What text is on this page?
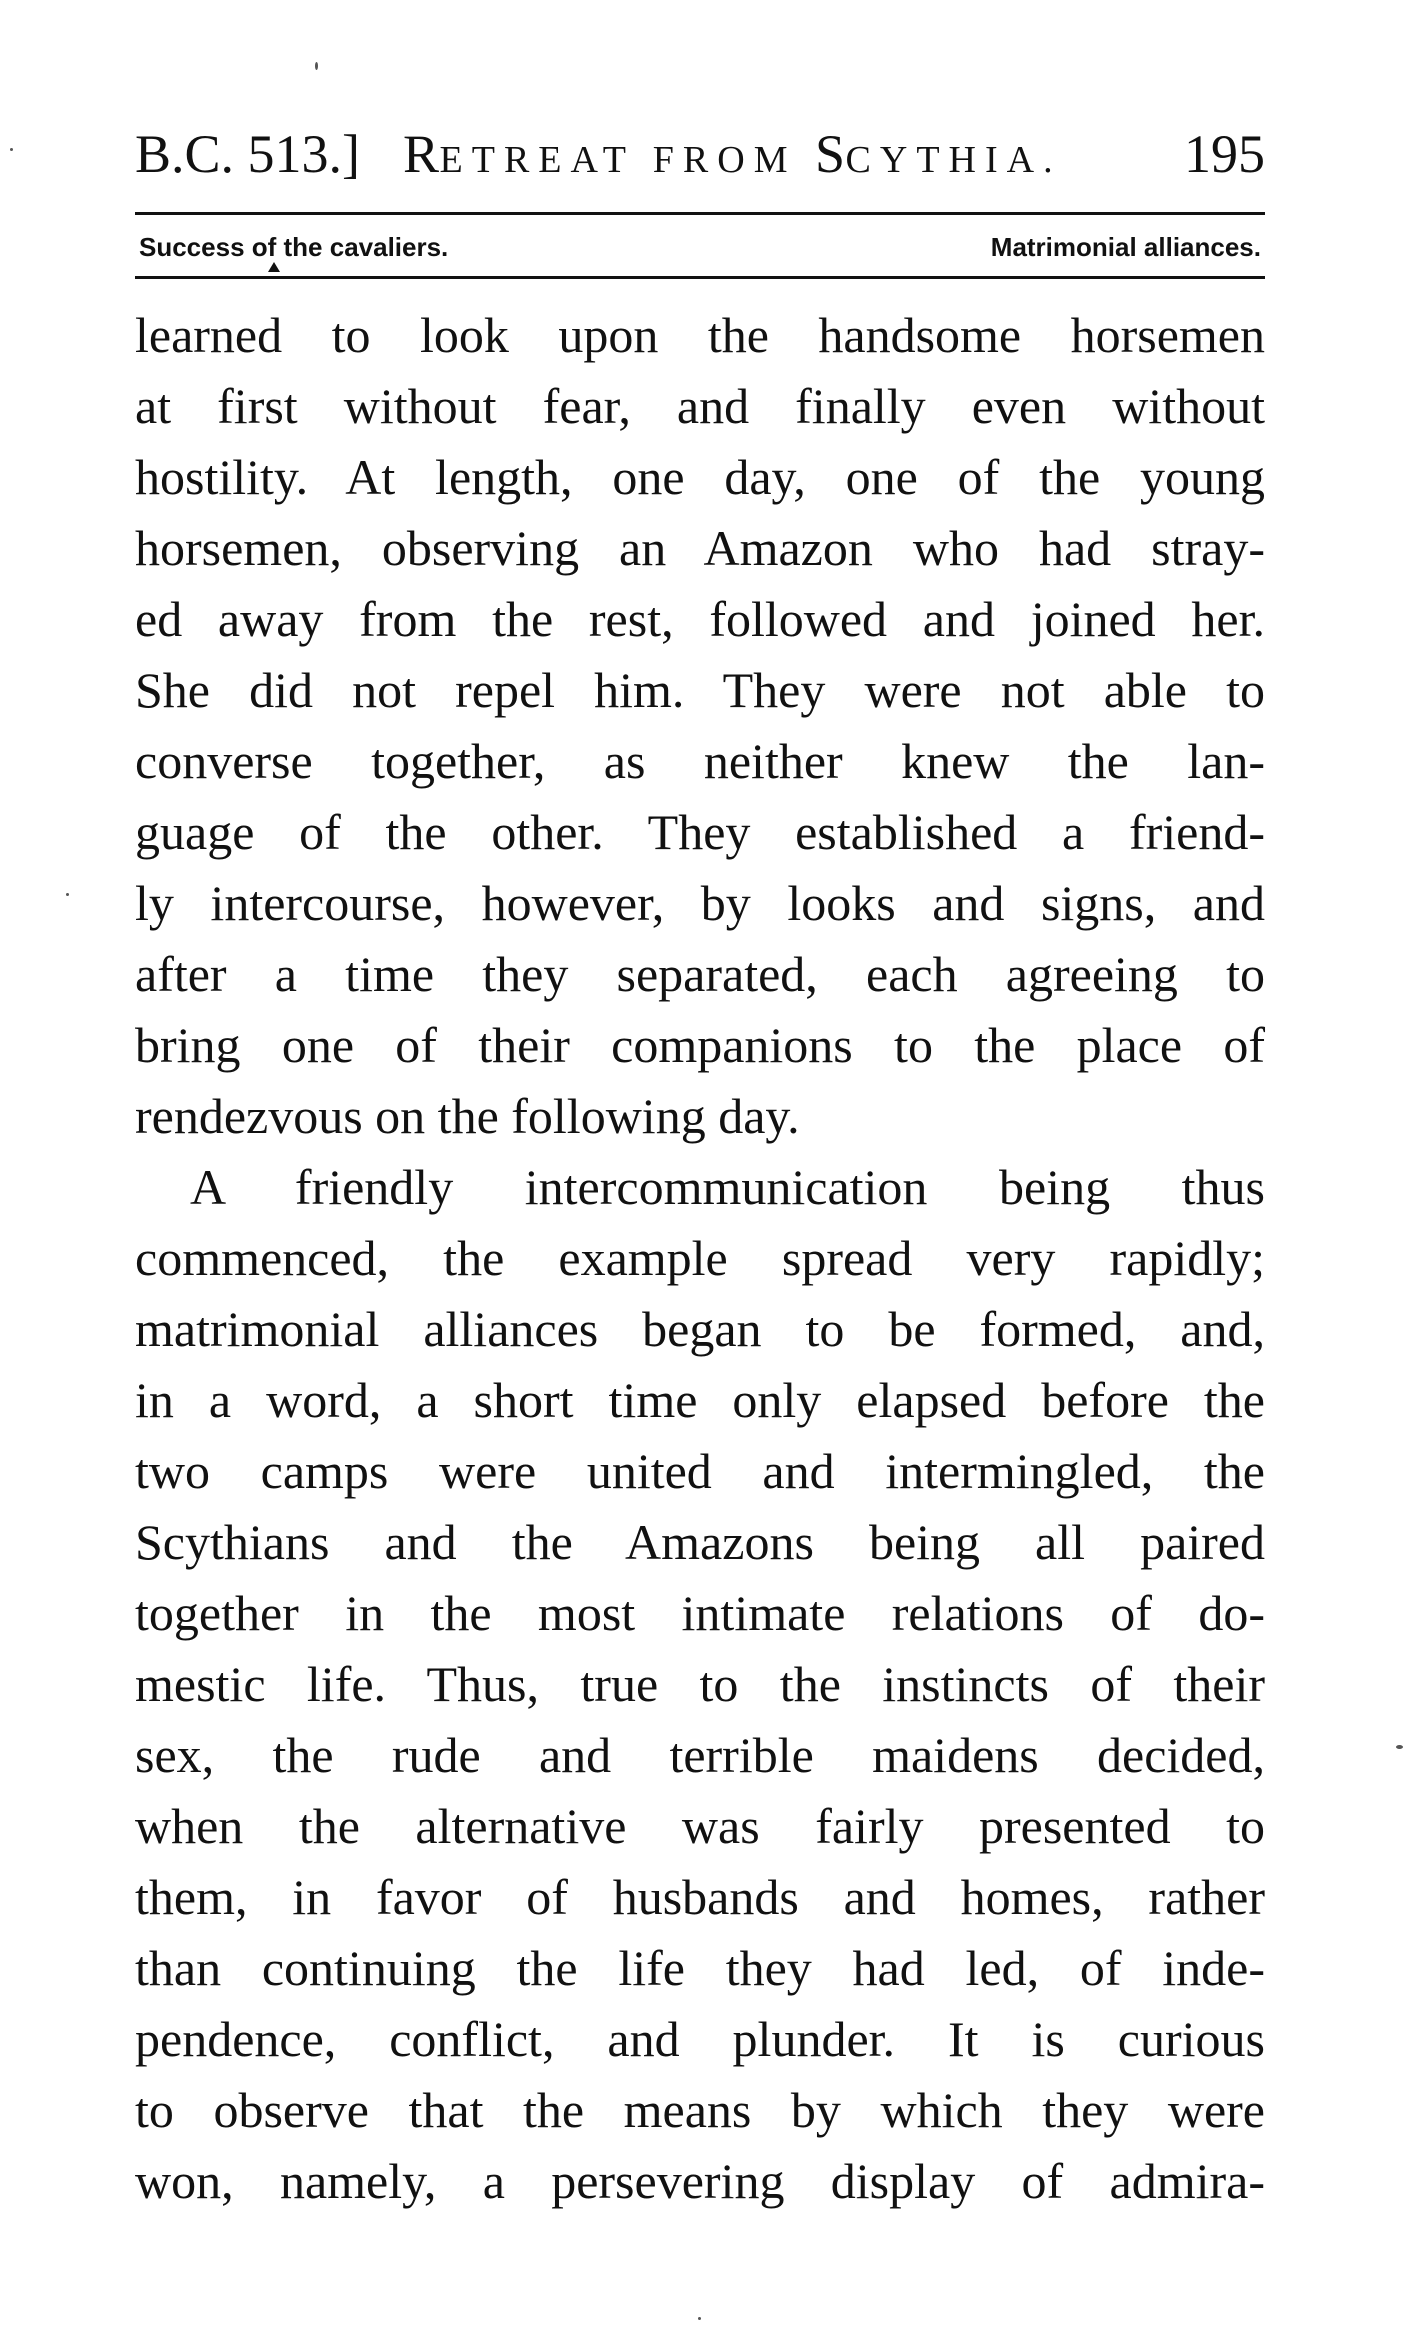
B.C. 513.] RETREAT FROM SCYTHIA. 195
Success of the cavaliers.	Matrimonial alliances.
learned to look upon the handsome horsemen
at first without fear, and finally even without
hostility. At length, one day, one of the young
horsemen, observing an Amazon who had stray-
ed away from the rest, followed and joined her.
She did not repel him. They were not able to
converse together, as neither knew the lan-
guage of the other. They established a friend-
ly intercourse, however, by looks and signs, and
after a time they separated, each agreeing to
bring one of their companions to the place of
rendezvous on the following day.
A friendly intercommunication being thus
commenced, the example spread very rapidly;
matrimonial alliances began to be formed, and,
in a word, a short time only elapsed before the
two camps were united and intermingled, the
Scythians and the Amazons being all paired
together in the most intimate relations of do-
mestic life. Thus, true to the instincts of their
sex, the rude and terrible maidens decided,
when the alternative was fairly presented to
them, in favor of husbands and homes, rather
than continuing the life they had led, of inde-
pendence, conflict, and plunder. It is curious
to observe that the means by which they were
won, namely, a persevering display of admira-
